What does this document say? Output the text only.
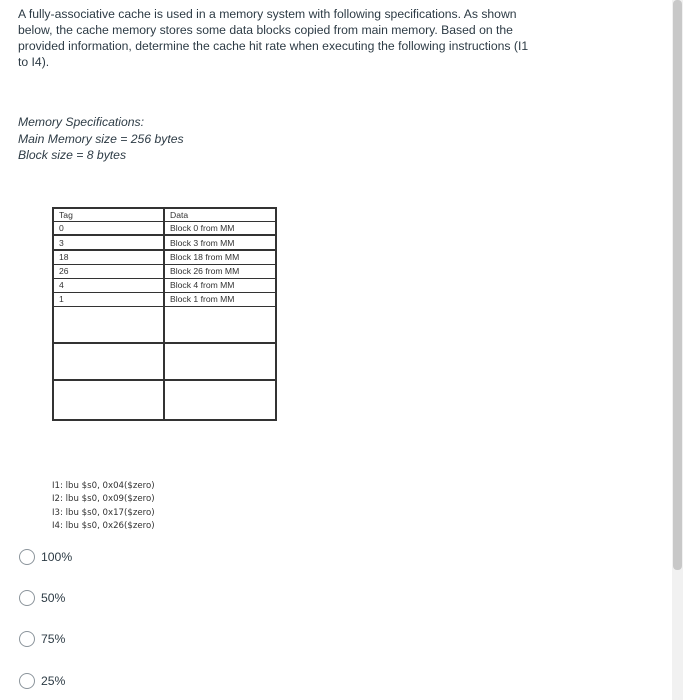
A fully-associative cache is used in a memory system with following specifications. As shown below, the cache memory stores some data blocks copied from main memory. Based on the provided information, determine the cache hit rate when executing the following instructions (I1 to I4).
Memory Specifications:
Main Memory size = 256 bytes
Block size = 8 bytes
Tag	Data
0	Block 0 from MM
3	Block 3 from MM
18	Block 18 from MM
26	Block 26 from MM
4	Block 4 from MM
1	Block 1 from MM

I1: lbu $s0, 0x04($zero)
I2: lbu $s0, 0x09($zero)
I3: lbu $s0, 0x17($zero)
I4: lbu $s0, 0x26($zero)
100%
50%
75%
25%
